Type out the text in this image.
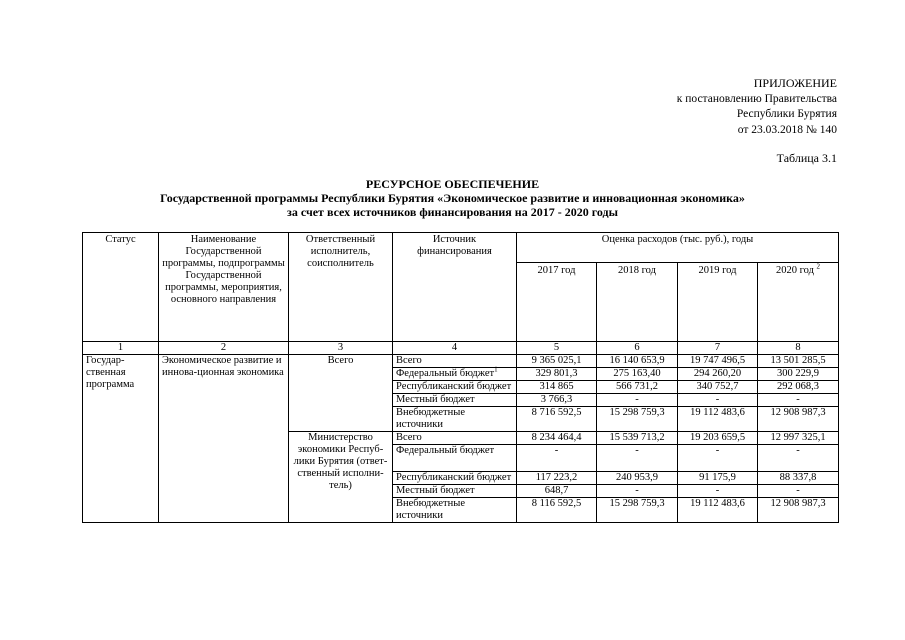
ПРИЛОЖЕНИЕ
к постановлению Правительства
Республики Бурятия
от 23.03.2018 № 140
Таблица 3.1
РЕСУРСНОЕ ОБЕСПЕЧЕНИЕ
Государственной программы Республики Бурятия «Экономическое развитие и инновационная экономика»
за счет всех источников финансирования на 2017 - 2020 годы
Статус	Наименование Государственной программы, подпрограммы Государственной программы, мероприятия, основного направления	Ответственный исполнитель, соисполнитель	Источник финансирования	Оценка расходов (тыс. руб.), годы			
				2017 год	2018 год	2019 год	2020 год $^2$
1	2	3	4	5	6	7	8
Государ-ственная программа	Экономическое развитие и иннова-ционная экономика	Всего	Всего	9 365 025,1	16 140 653,9	19 747 496,5	13 501 285,5
			Федеральный бюджет$^1$	329 801,3	275 163,40	294 260,20	300 229,9
			Республиканский бюджет	314 865	566 731,2	340 752,7	292 068,3
			Местный бюджет	3 766,3	-	-	-
			Внебюджетные источники	8 716 592,5	15 298 759,3	19 112 483,6	12 908 987,3
		Министерство экономики Респуб-лики Бурятия (ответ-ственный исполни-тель)	Всего	8 234 464,4	15 539 713,2	19 203 659,5	12 997 325,1
			Федеральный бюджет	-	-	-	-
			Республиканский бюджет	117 223,2	240 953,9	91 175,9	88 337,8
			Местный бюджет	648,7	-	-	-
			Внебюджетные источники	8 116 592,5	15 298 759,3	19 112 483,6	12 908 987,3
